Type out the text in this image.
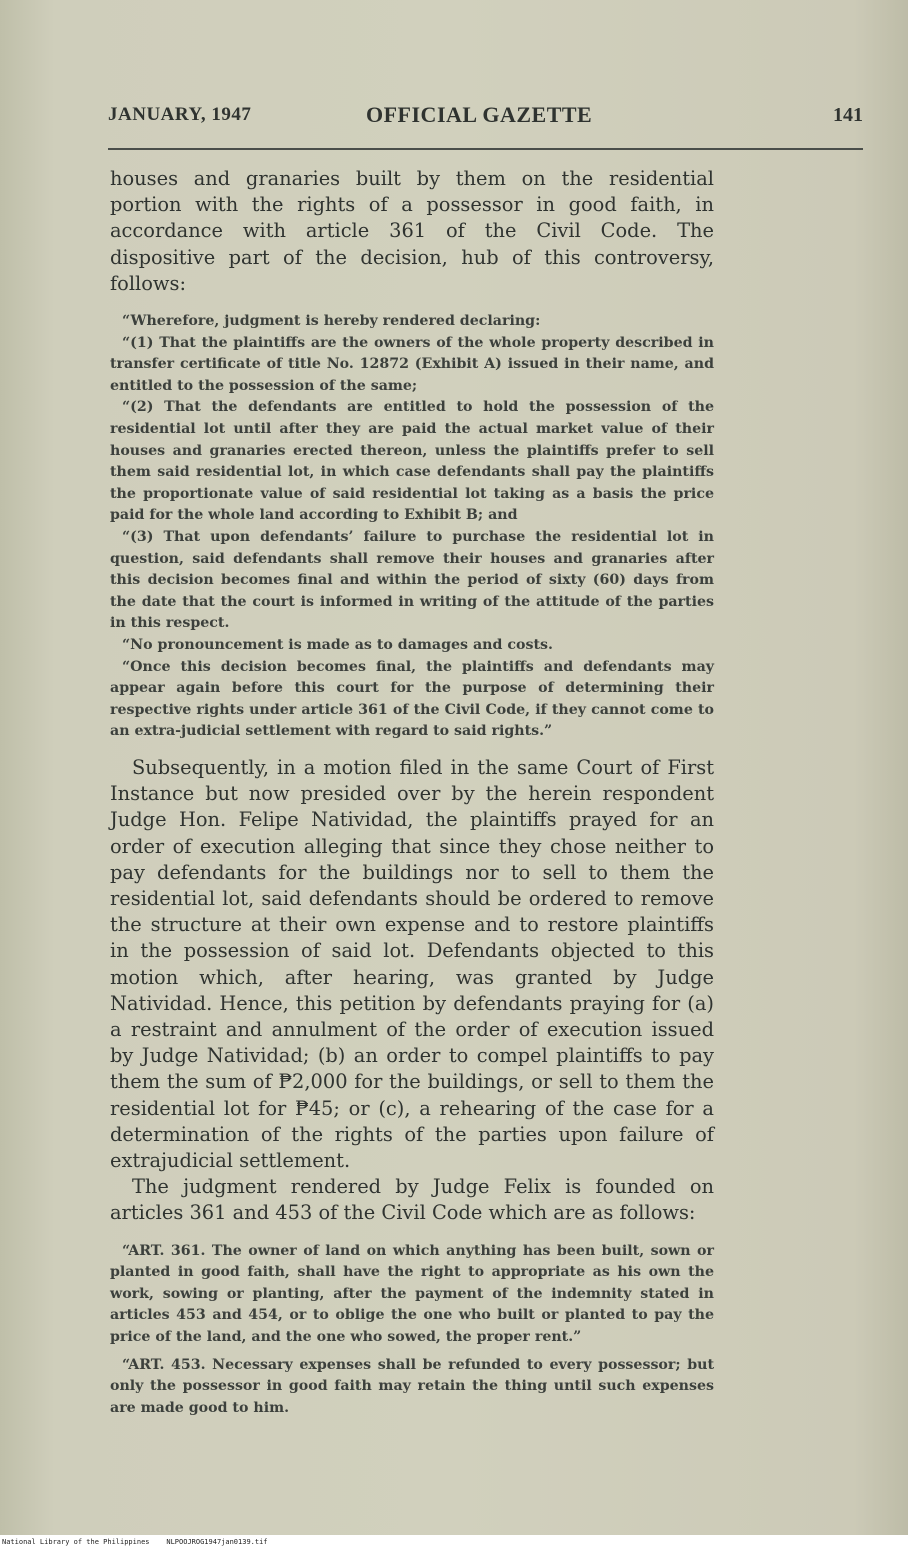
JANUARY, 1947	OFFICIAL GAZETTE	141

houses and granaries built by them on the residential portion with the rights of a possessor in good faith, in accordance with article 361 of the Civil Code. The dispositive part of the decision, hub of this controversy, follows:

“Wherefore, judgment is hereby rendered declaring:

“(1) That the plaintiffs are the owners of the whole property described in transfer certificate of title No. 12872 (Exhibit A) issued in their name, and entitled to the possession of the same;

“(2) That the defendants are entitled to hold the possession of the residential lot until after they are paid the actual market value of their houses and granaries erected thereon, unless the plaintiffs prefer to sell them said residential lot, in which case defendants shall pay the plaintiffs the proportionate value of said residential lot taking as a basis the price paid for the whole land according to Exhibit B; and

“(3) That upon defendants’ failure to purchase the residential lot in question, said defendants shall remove their houses and granaries after this decision becomes final and within the period of sixty (60) days from the date that the court is informed in writing of the attitude of the parties in this respect.

“No pronouncement is made as to damages and costs.

“Once this decision becomes final, the plaintiffs and defendants may appear again before this court for the purpose of determining their respective rights under article 361 of the Civil Code, if they cannot come to an extra-judicial settlement with regard to said rights.”

Subsequently, in a motion filed in the same Court of First Instance but now presided over by the herein respondent Judge Hon. Felipe Natividad, the plaintiffs prayed for an order of execution alleging that since they chose neither to pay defendants for the buildings nor to sell to them the residential lot, said defendants should be ordered to remove the structure at their own expense and to restore plaintiffs in the possession of said lot. Defendants objected to this motion which, after hearing, was granted by Judge Natividad. Hence, this petition by defendants praying for (a) a restraint and annulment of the order of execution issued by Judge Natividad; (b) an order to compel plaintiffs to pay them the sum of ₱2,000 for the buildings, or sell to them the residential lot for ₱45; or (c), a rehearing of the case for a determination of the rights of the parties upon failure of extrajudicial settlement.

The judgment rendered by Judge Felix is founded on articles 361 and 453 of the Civil Code which are as follows:

“ART. 361. The owner of land on which anything has been built, sown or planted in good faith, shall have the right to appropriate as his own the work, sowing or planting, after the payment of the indemnity stated in articles 453 and 454, or to oblige the one who built or planted to pay the price of the land, and the one who sowed, the proper rent.”

“ART. 453. Necessary expenses shall be refunded to every possessor; but only the possessor in good faith may retain the thing until such expenses are made good to him.

National Library of the Philippines NLPOOJROG1947jan0139.tif
